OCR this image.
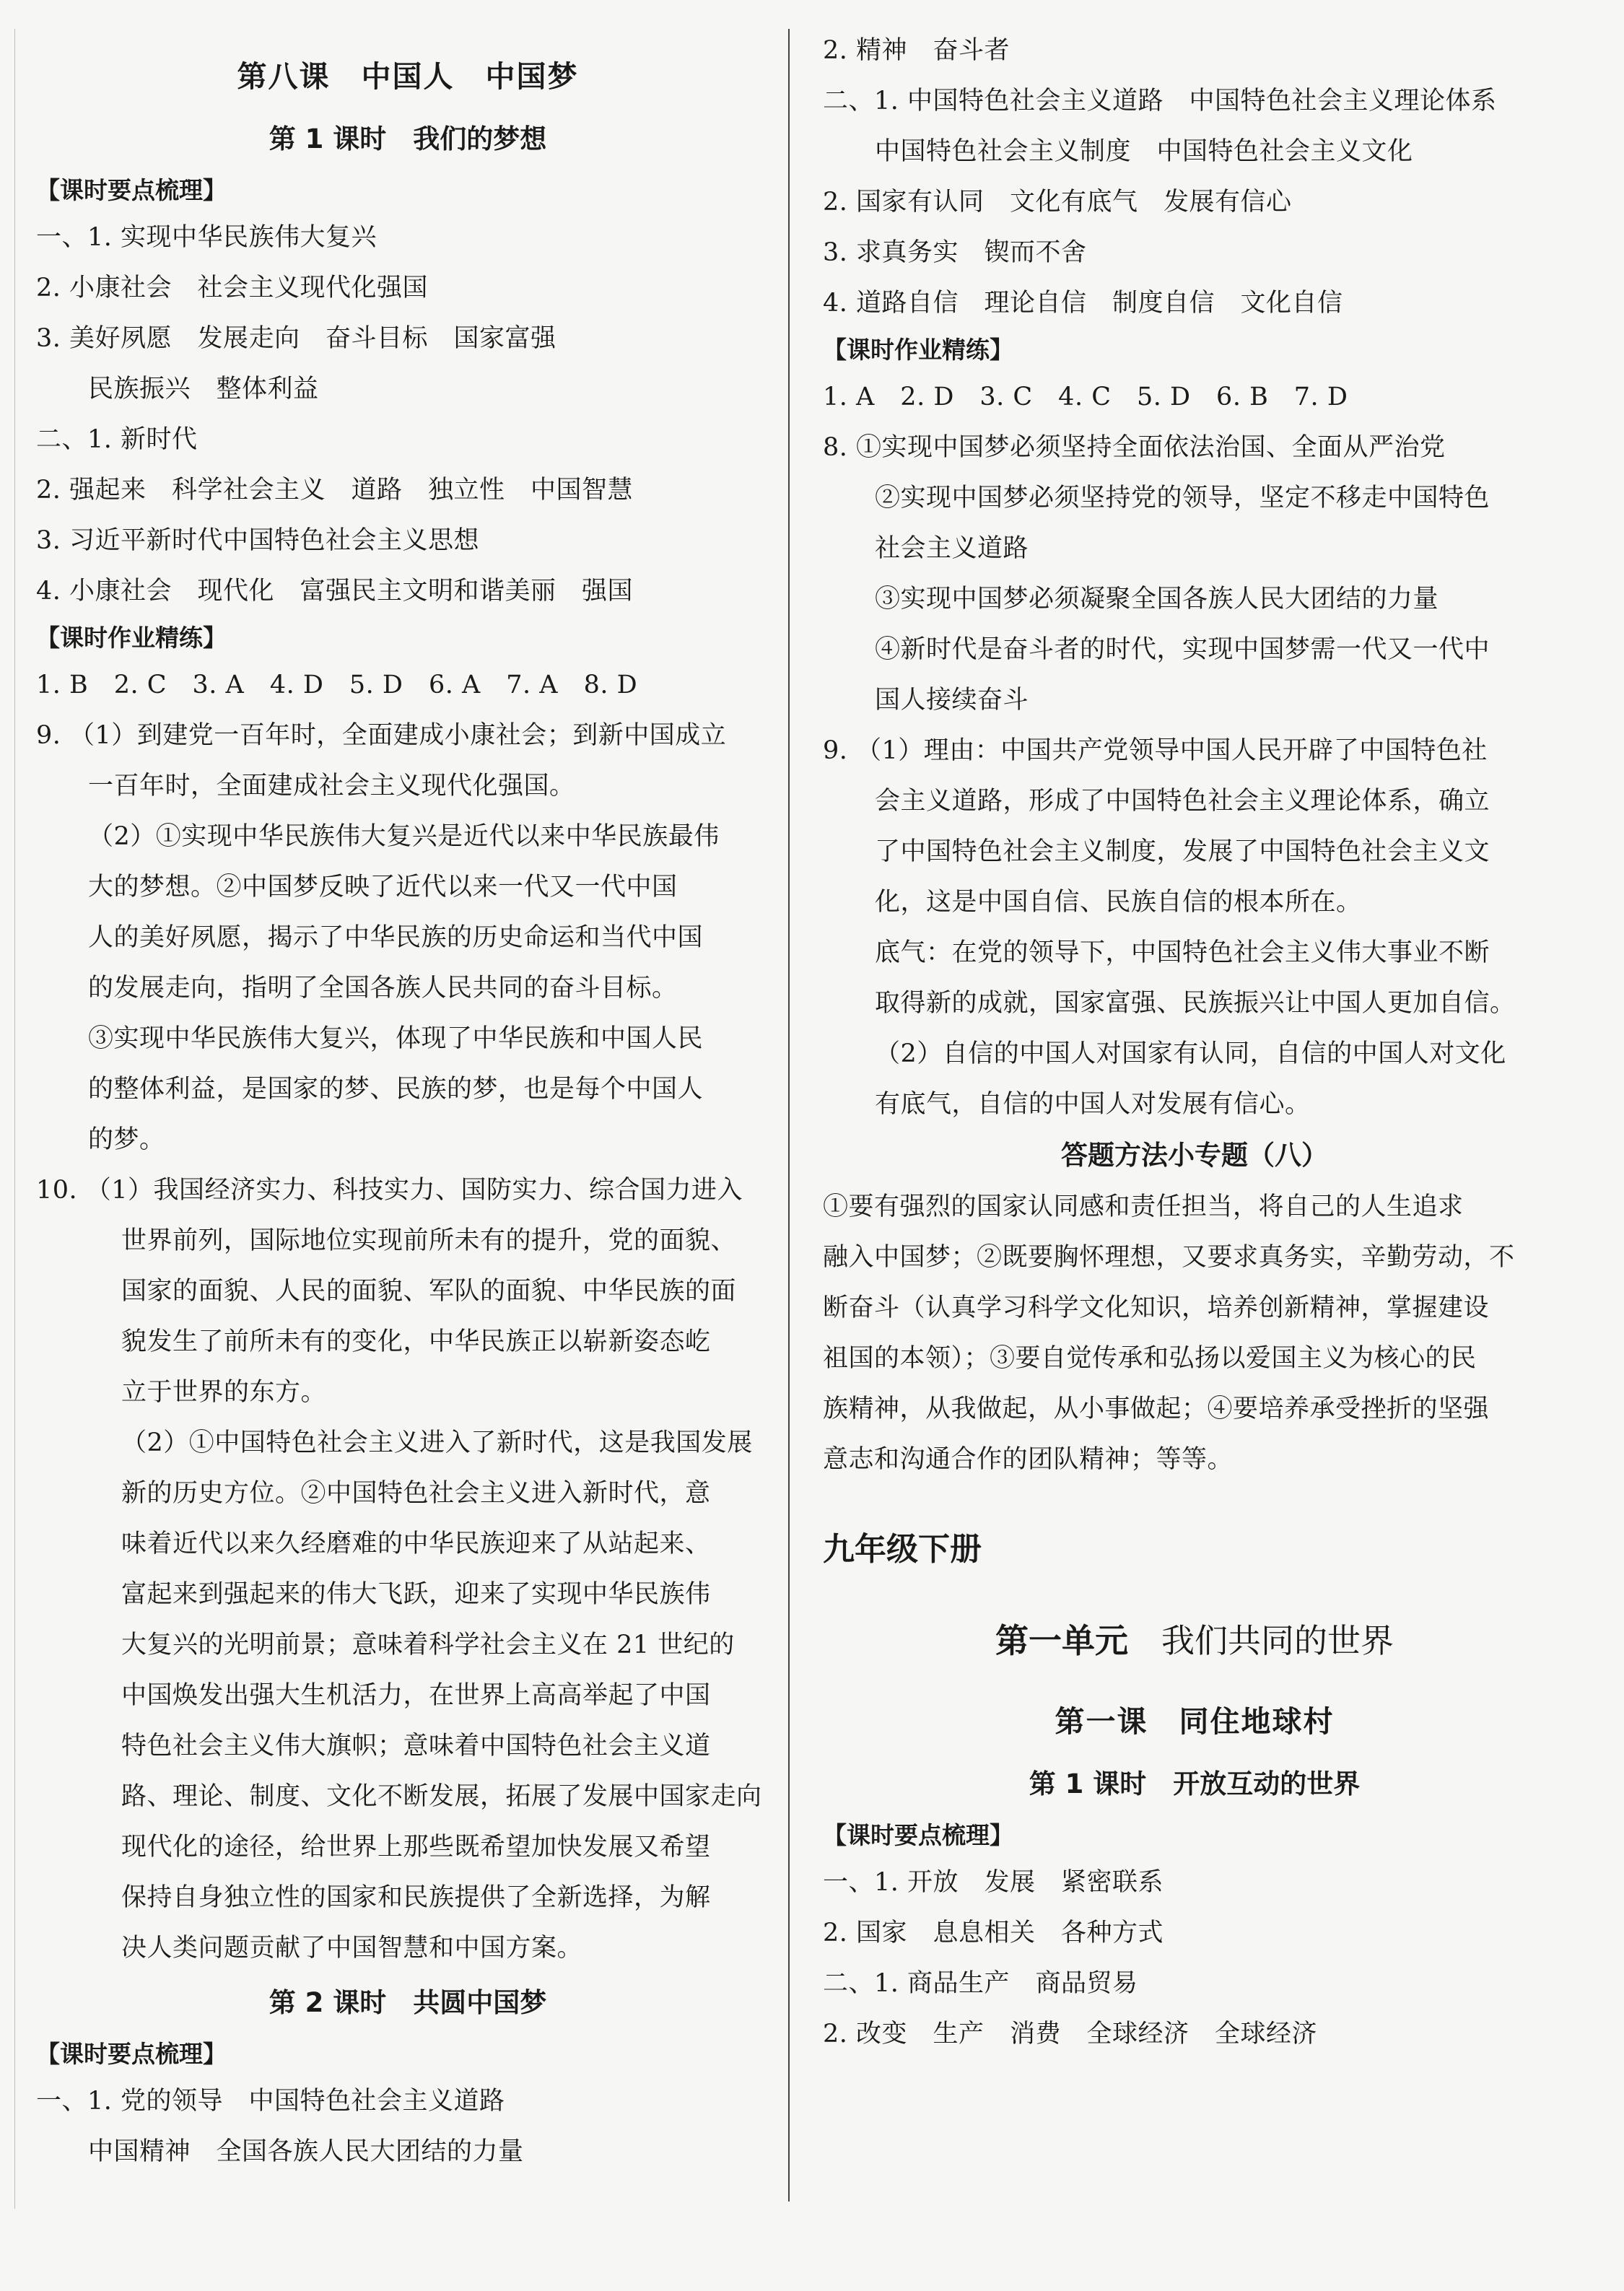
第八课　中国人　中国梦
第 1 课时　我们的梦想
【课时要点梳理】
一、1. 实现中华民族伟大复兴
2. 小康社会　社会主义现代化强国
3. 美好夙愿　发展走向　奋斗目标　国家富强
民族振兴　整体利益
二、1. 新时代
2. 强起来　科学社会主义　道路　独立性　中国智慧
3. 习近平新时代中国特色社会主义思想
4. 小康社会　现代化　富强民主文明和谐美丽　强国
【课时作业精练】
1. B　2. C　3. A　4. D　5. D　6. A　7. A　8. D
9. （1）到建党一百年时，全面建成小康社会；到新中国成立
一百年时，全面建成社会主义现代化强国。
（2）①实现中华民族伟大复兴是近代以来中华民族最伟
大的梦想。②中国梦反映了近代以来一代又一代中国
人的美好夙愿，揭示了中华民族的历史命运和当代中国
的发展走向，指明了全国各族人民共同的奋斗目标。
③实现中华民族伟大复兴，体现了中华民族和中国人民
的整体利益，是国家的梦、民族的梦，也是每个中国人
的梦。
10. （1）我国经济实力、科技实力、国防实力、综合国力进入
世界前列，国际地位实现前所未有的提升，党的面貌、
国家的面貌、人民的面貌、军队的面貌、中华民族的面
貌发生了前所未有的变化，中华民族正以崭新姿态屹
立于世界的东方。
（2）①中国特色社会主义进入了新时代，这是我国发展
新的历史方位。②中国特色社会主义进入新时代，意
味着近代以来久经磨难的中华民族迎来了从站起来、
富起来到强起来的伟大飞跃，迎来了实现中华民族伟
大复兴的光明前景；意味着科学社会主义在 21 世纪的
中国焕发出强大生机活力，在世界上高高举起了中国
特色社会主义伟大旗帜；意味着中国特色社会主义道
路、理论、制度、文化不断发展，拓展了发展中国家走向
现代化的途径，给世界上那些既希望加快发展又希望
保持自身独立性的国家和民族提供了全新选择，为解
决人类问题贡献了中国智慧和中国方案。
第 2 课时　共圆中国梦
【课时要点梳理】
一、1. 党的领导　中国特色社会主义道路
中国精神　全国各族人民大团结的力量
2. 精神　奋斗者
二、1. 中国特色社会主义道路　中国特色社会主义理论体系
中国特色社会主义制度　中国特色社会主义文化
2. 国家有认同　文化有底气　发展有信心
3. 求真务实　锲而不舍
4. 道路自信　理论自信　制度自信　文化自信
【课时作业精练】
1. A　2. D　3. C　4. C　5. D　6. B　7. D
8. ①实现中国梦必须坚持全面依法治国、全面从严治党
②实现中国梦必须坚持党的领导，坚定不移走中国特色
社会主义道路
③实现中国梦必须凝聚全国各族人民大团结的力量
④新时代是奋斗者的时代，实现中国梦需一代又一代中
国人接续奋斗
9. （1）理由：中国共产党领导中国人民开辟了中国特色社
会主义道路，形成了中国特色社会主义理论体系，确立
了中国特色社会主义制度，发展了中国特色社会主义文
化，这是中国自信、民族自信的根本所在。
底气：在党的领导下，中国特色社会主义伟大事业不断
取得新的成就，国家富强、民族振兴让中国人更加自信。
（2）自信的中国人对国家有认同，自信的中国人对文化
有底气，自信的中国人对发展有信心。
答题方法小专题（八）
①要有强烈的国家认同感和责任担当，将自己的人生追求
融入中国梦；②既要胸怀理想，又要求真务实，辛勤劳动，不
断奋斗（认真学习科学文化知识，培养创新精神，掌握建设
祖国的本领）；③要自觉传承和弘扬以爱国主义为核心的民
族精神，从我做起，从小事做起；④要培养承受挫折的坚强
意志和沟通合作的团队精神；等等。
九年级下册
第一单元　 我们共同的世界
第一课　同住地球村
第 1 课时　开放互动的世界
【课时要点梳理】
一、1. 开放　发展　紧密联系
2. 国家　息息相关　各种方式
二、1. 商品生产　商品贸易
2. 改变　生产　消费　全球经济　全球经济
